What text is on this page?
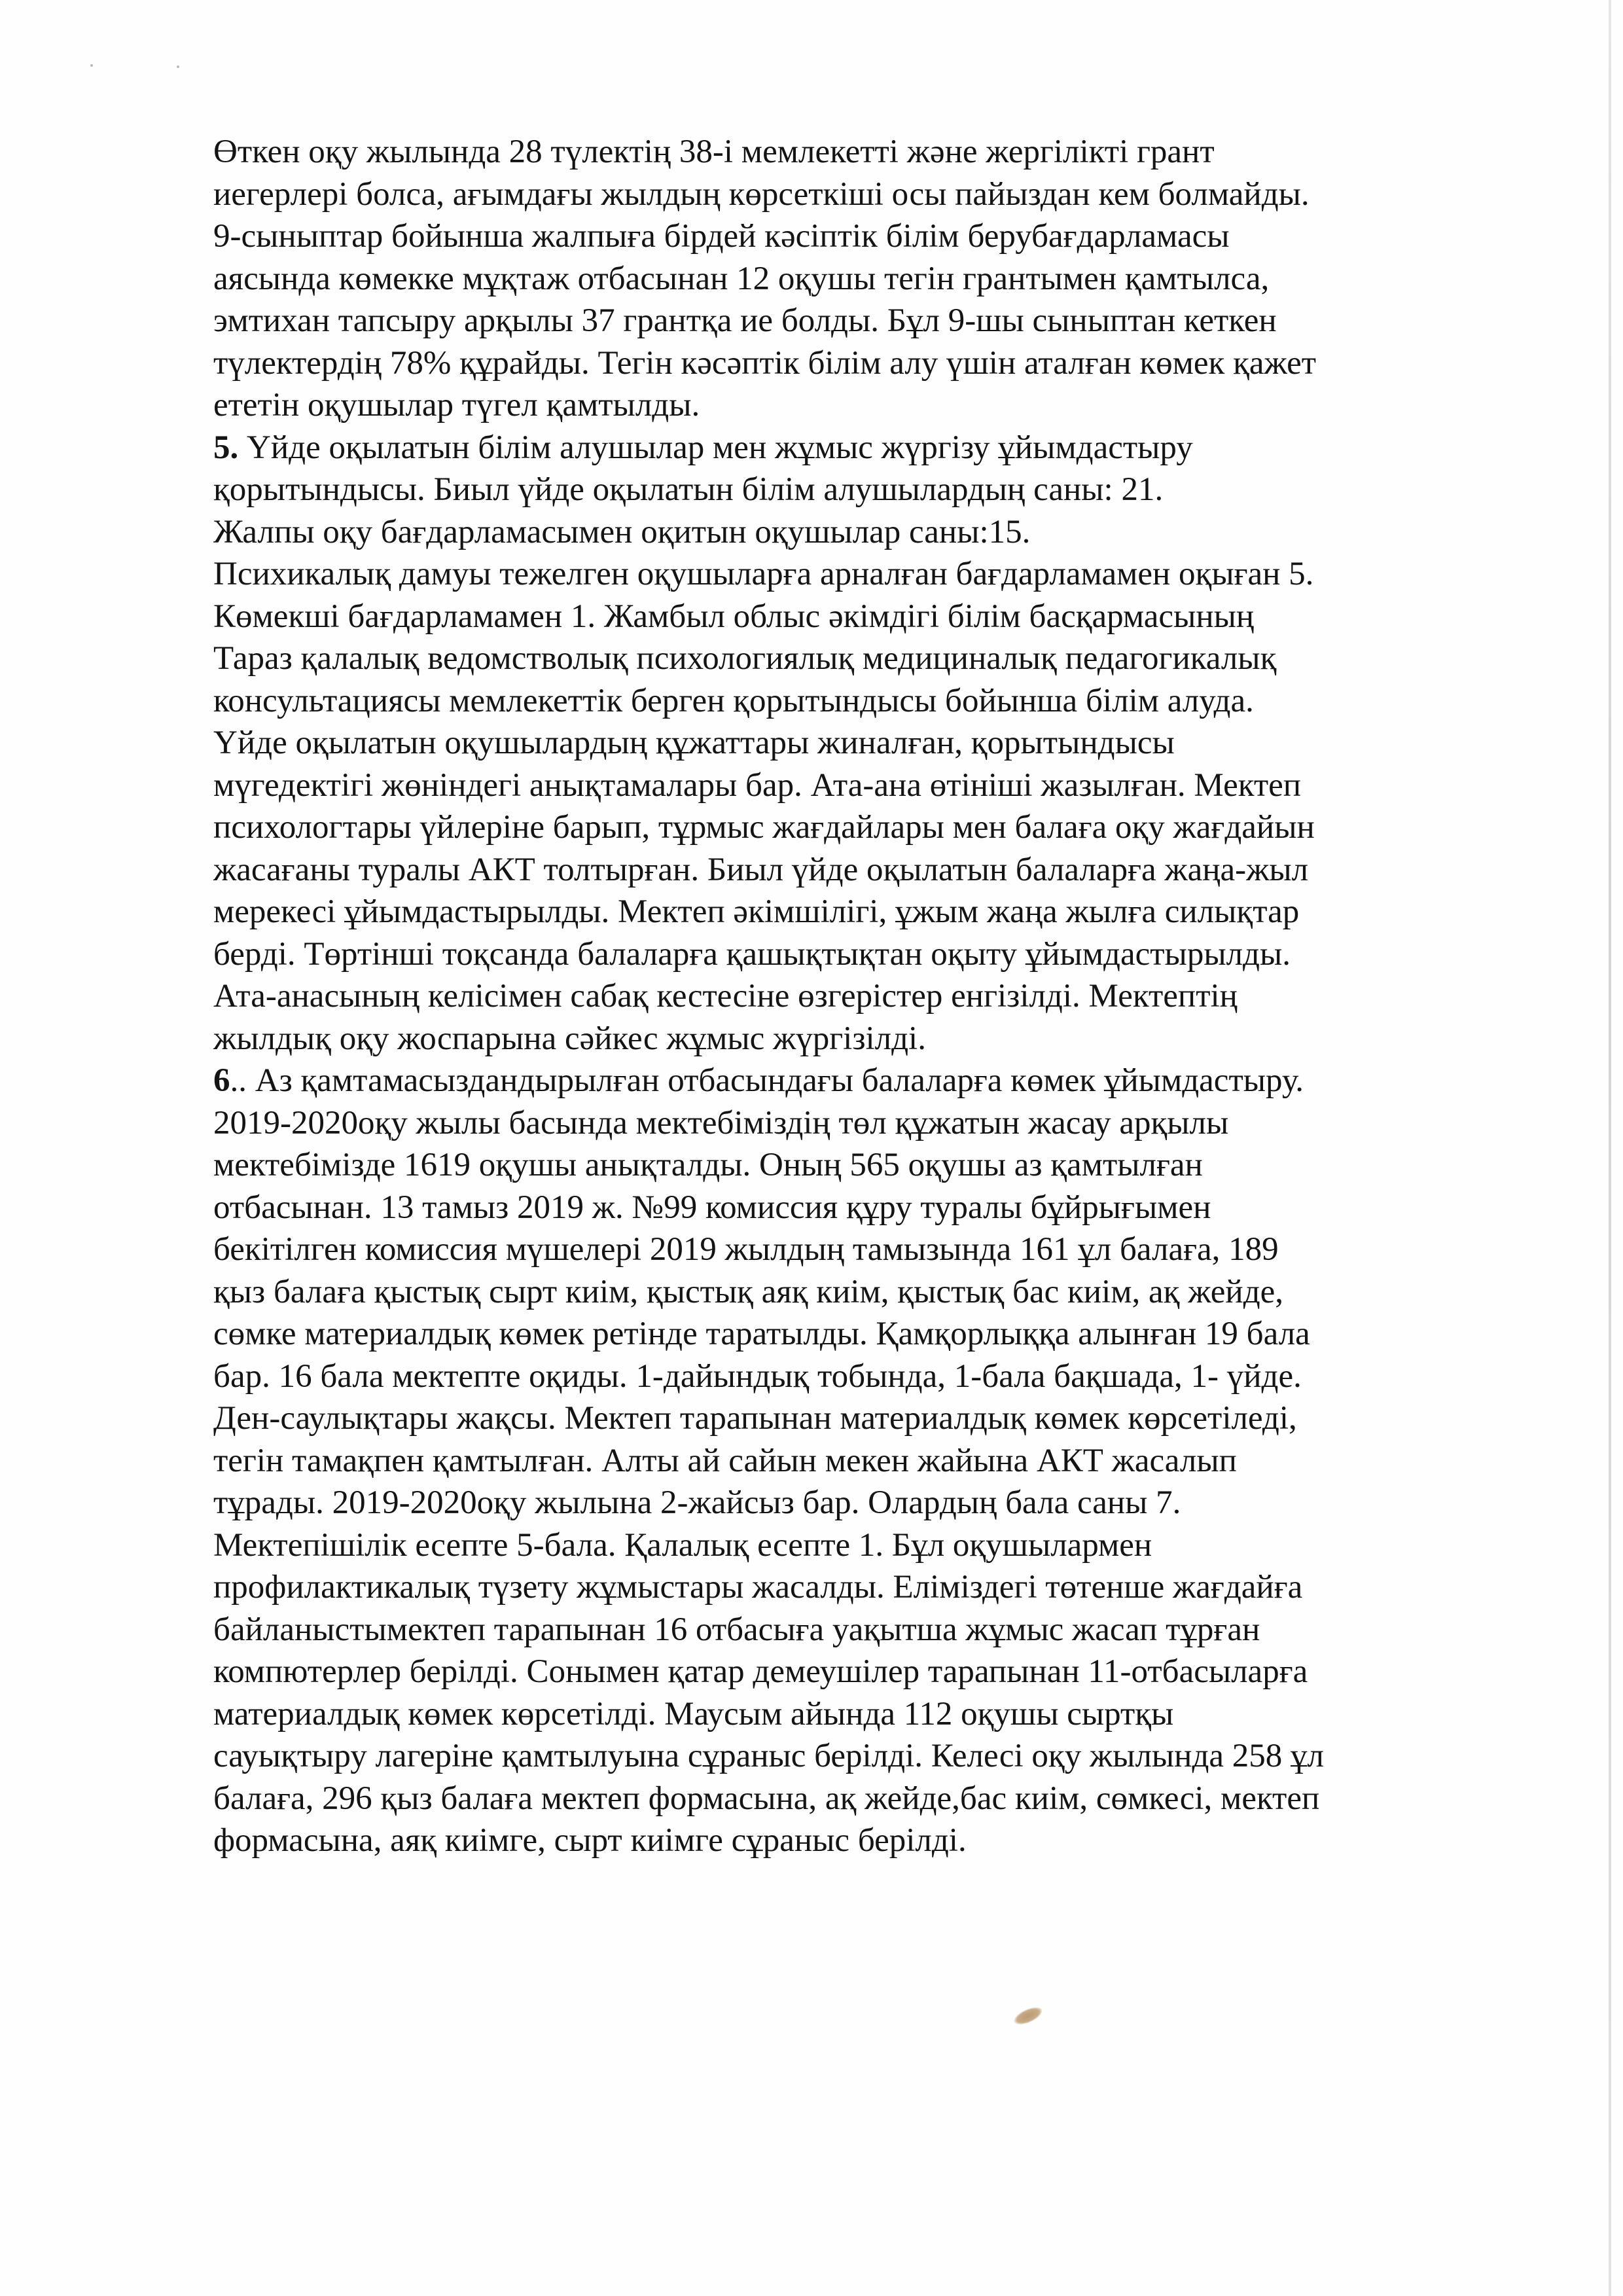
Өткен оқу жылында 28 түлектің 38-і мемлекетті және жергілікті грант
иегерлері болса, ағымдағы жылдың көрсеткіші осы пайыздан кем болмайды.
9-сыныптар бойынша жалпыға бірдей кәсіптік білім берубағдарламасы
аясында көмекке мұқтаж отбасынан 12 оқушы тегін грантымен қамтылса,
эмтихан тапсыру арқылы 37 грантқа ие болды. Бұл 9-шы сыныптан кеткен
түлектердің 78% құрайды. Тегін кәсәптік білім алу үшін аталған көмек қажет
ететін оқушылар түгел қамтылды.
5. Үйде оқылатын білім алушылар мен жұмыс жүргізу ұйымдастыру
қорытындысы. Биыл үйде оқылатын білім алушылардың саны: 21.
Жалпы оқу бағдарламасымен оқитын оқушылар саны:15.
Психикалық дамуы тежелген оқушыларға арналған бағдарламамен оқыған 5.
Көмекші бағдарламамен 1. Жамбыл облыс әкімдігі білім басқармасының
Тараз қалалық ведомстволық психологиялық медициналық педагогикалық
консультациясы мемлекеттік берген қорытындысы бойынша білім алуда.
Үйде оқылатын оқушылардың құжаттары жиналған, қорытындысы
мүгедектігі жөніндегі анықтамалары бар. Ата-ана өтініші жазылған. Мектеп
психологтары үйлеріне барып, тұрмыс жағдайлары мен балаға оқу жағдайын
жасағаны туралы АКТ толтырған. Биыл үйде оқылатын балаларға жаңа-жыл
мерекесі ұйымдастырылды. Мектеп әкімшілігі, ұжым жаңа жылға силықтар
берді. Төртінші тоқсанда балаларға қашықтықтан оқыту ұйымдастырылды.
Ата-анасының келісімен сабақ кестесіне өзгерістер енгізілді. Мектептің
жылдық оқу жоспарына сәйкес жұмыс жүргізілді.
6.. Аз қамтамасыздандырылған отбасындағы балаларға көмек ұйымдастыру.
2019-2020оқу жылы басында мектебіміздің төл құжатын жасау арқылы
мектебімізде 1619 оқушы анықталды. Оның 565 оқушы аз қамтылған
отбасынан. 13 тамыз 2019 ж. №99 комиссия құру туралы бұйрығымен
бекітілген комиссия мүшелері 2019 жылдың тамызында 161 ұл балаға, 189
қыз балаға қыстық сырт киім, қыстық аяқ киім, қыстық бас киім, ақ жейде,
сөмке материалдық көмек ретінде таратылды. Қамқорлыққа алынған 19 бала
бар. 16 бала мектепте оқиды. 1-дайындық тобында, 1-бала бақшада, 1- үйде.
Ден-саулықтары жақсы. Мектеп тарапынан материалдық көмек көрсетіледі,
тегін тамақпен қамтылған. Алты ай сайын мекен жайына АКТ жасалып
тұрады. 2019-2020оқу жылына 2-жайсыз бар. Олардың бала саны 7.
Мектепішілік есепте 5-бала. Қалалық есепте 1. Бұл оқушылармен
профилактикалық түзету жұмыстары жасалды. Еліміздегі төтенше жағдайға
байланыстымектеп тарапынан 16 отбасыға уақытша жұмыс жасап тұрған
компютерлер берілді. Сонымен қатар демеушілер тарапынан 11-отбасыларға
материалдық көмек көрсетілді. Маусым айында 112 оқушы сыртқы
сауықтыру лагеріне қамтылуына сұраныс берілді. Келесі оқу жылында 258 ұл
балаға, 296 қыз балаға мектеп формасына, ақ жейде,бас киім, сөмкесі, мектеп
формасына, аяқ киімге, сырт киімге сұраныс берілді.
